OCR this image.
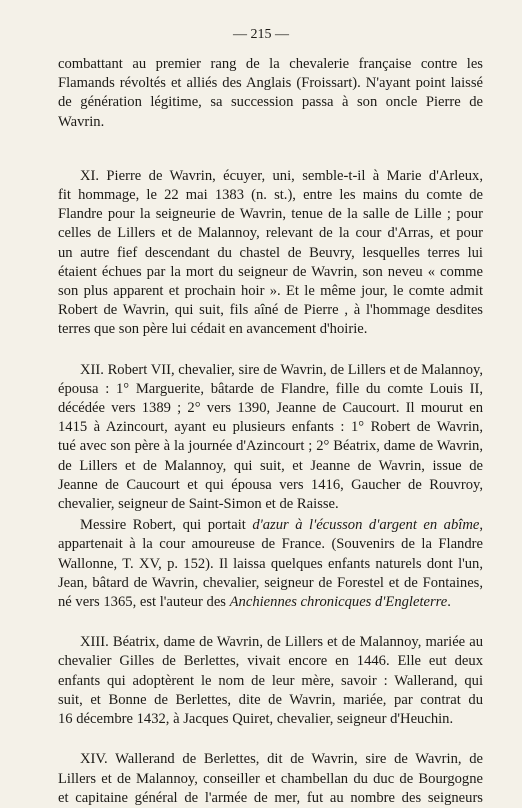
— 215 —

combattant au premier rang de la chevalerie française contre les
Flamands révoltés et alliés des Anglais (Froissart). N'ayant point laissé
de génération légitime, sa succession passa à son oncle Pierre de
Wavrin.

XI. Pierre de Wavrin, écuyer, uni, semble-t-il à Marie d'Arleux,
fit hommage, le 22 mai 1383 (n. st.), entre les mains du comte de
Flandre pour la seigneurie de Wavrin, tenue de la salle de Lille ; pour
celles de Lillers et de Malannoy, relevant de la cour d'Arras, et pour
un autre fief descendant du chastel de Beuvry, lesquelles terres lui
étaient échues par la mort du seigneur de Wavrin, son neveu « comme
son plus apparent et prochain hoir ». Et le même jour, le comte admit
Robert de Wavrin, qui suit, fils aîné de Pierre , à l'hommage desdites
terres que son père lui cédait en avancement d'hoirie.

XII. Robert VII, chevalier, sire de Wavrin, de Lillers et de Malannoy,
épousa : 1° Marguerite, bâtarde de Flandre, fille du comte Louis II,
décédée vers 1389 ; 2° vers 1390, Jeanne de Caucourt. Il mourut en
1415 à Azincourt, ayant eu plusieurs enfants : 1° Robert de Wavrin,
tué avec son père à la journée d'Azincourt ; 2° Béatrix, dame de Wavrin,
de Lillers et de Malannoy, qui suit, et Jeanne de Wavrin, issue de
Jeanne de Caucourt et qui épousa vers 1416, Gaucher de Rouvroy,
chevalier, seigneur de Saint-Simon et de Raisse.

Messire Robert, qui portait d'azur à l'écusson d'argent en abîme,
appartenait à la cour amoureuse de France. (Souvenirs de la Flandre
Wallonne, T. XV, p. 152). Il laissa quelques enfants naturels dont l'un,
Jean, bâtard de Wavrin, chevalier, seigneur de Forestel et de Fontaines,
né vers 1365, est l'auteur des Anchiennes chronicques d'Engleterre.

XIII. Béatrix, dame de Wavrin, de Lillers et de Malannoy, mariée au
chevalier Gilles de Berlettes, vivait encore en 1446. Elle eut deux
enfants qui adoptèrent le nom de leur mère, savoir : Wallerand, qui
suit, et Bonne de Berlettes, dite de Wavrin, mariée, par contrat du
16 décembre 1432, à Jacques Quiret, chevalier, seigneur d'Heuchin.

XIV. Wallerand de Berlettes, dit de Wavrin, sire de Wavrin, de
Lillers et de Malannoy, conseiller et chambellan du duc de Bourgogne
et capitaine général de l'armée de mer, fut au nombre des seigneurs
